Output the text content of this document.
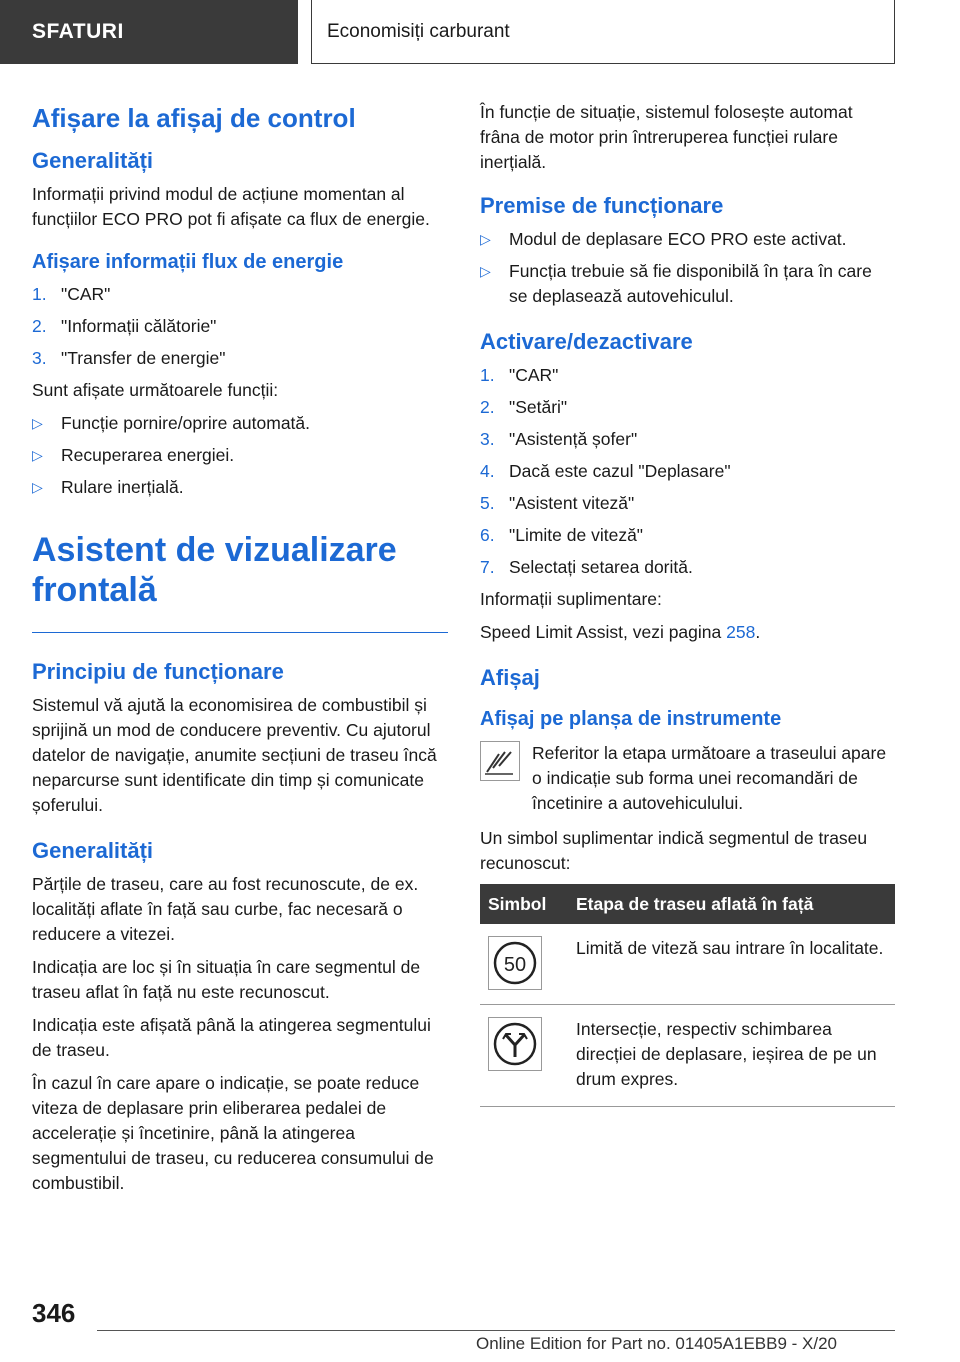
SFATURI	Economisiți carburant
Afișare la afișaj de control
Generalități

Informații privind modul de acțiune momentan al funcțiilor ECO PRO pot fi afișate ca flux de energie.

Afișare informații flux de energie
1. "CAR"
2. "Informații călătorie"
3. "Transfer de energie"

Sunt afișate următoarele funcții:

▷	Funcție pornire/oprire automată.
▷	Recuperarea energiei.
▷	Rulare inerțială.
Asistent de vizualizare
frontală
Principiu de funcționare

Sistemul vă ajută la economisirea de combustibil și sprijină un mod de conducere preventiv. Cu ajutorul datelor de navigație, anumite secțiuni de traseu încă neparcurse sunt identificate din timp și comunicate șoferului.

Generalități

Părțile de traseu, care au fost recunoscute, de ex. localități aflate în față sau curbe, fac necesară o reducere a vitezei.

Indicația are loc și în situația în care segmentul de traseu aflat în față nu este recunoscut.

Indicația este afișată până la atingerea segmentului de traseu.

În cazul în care apare o indicație, se poate reduce viteza de deplasare prin eliberarea pedalei de accelerație și încetinire, până la atingerea segmentului de traseu, cu reducerea consumului de combustibil.

În funcție de situație, sistemul folosește automat frâna de motor prin întreruperea funcției rulare inerțială.

Premise de funcționare
▷	Modul de deplasare ECO PRO este activat.
▷	Funcția trebuie să fie disponibilă în țara în care se deplasează autovehiculul.
Activare/dezactivare
1. "CAR"
2. "Setări"
3. "Asistență șofer"
4. Dacă este cazul "Deplasare"
5. "Asistent viteză"
6. "Limite de viteză"
7. Selectați setarea dorită.

Informații suplimentare:

Speed Limit Assist, vezi pagina 258.

Afișaj
Afișaj pe planșa de instrumente

Referitor la etapa următoare a traseului apare o indicație sub forma unei recomandări de încetinire a autovehiculului.

Un simbol suplimentar indică segmentul de traseu recunoscut:

Simbol	Etapa de traseu aflată în față

50	Limită de viteză sau intrare în localitate.

	Intersecție, respectiv schimbarea direcției de deplasare, ieșirea de pe un drum expres.
346
Online Edition for Part no. 01405A1EBB9 - X/20
